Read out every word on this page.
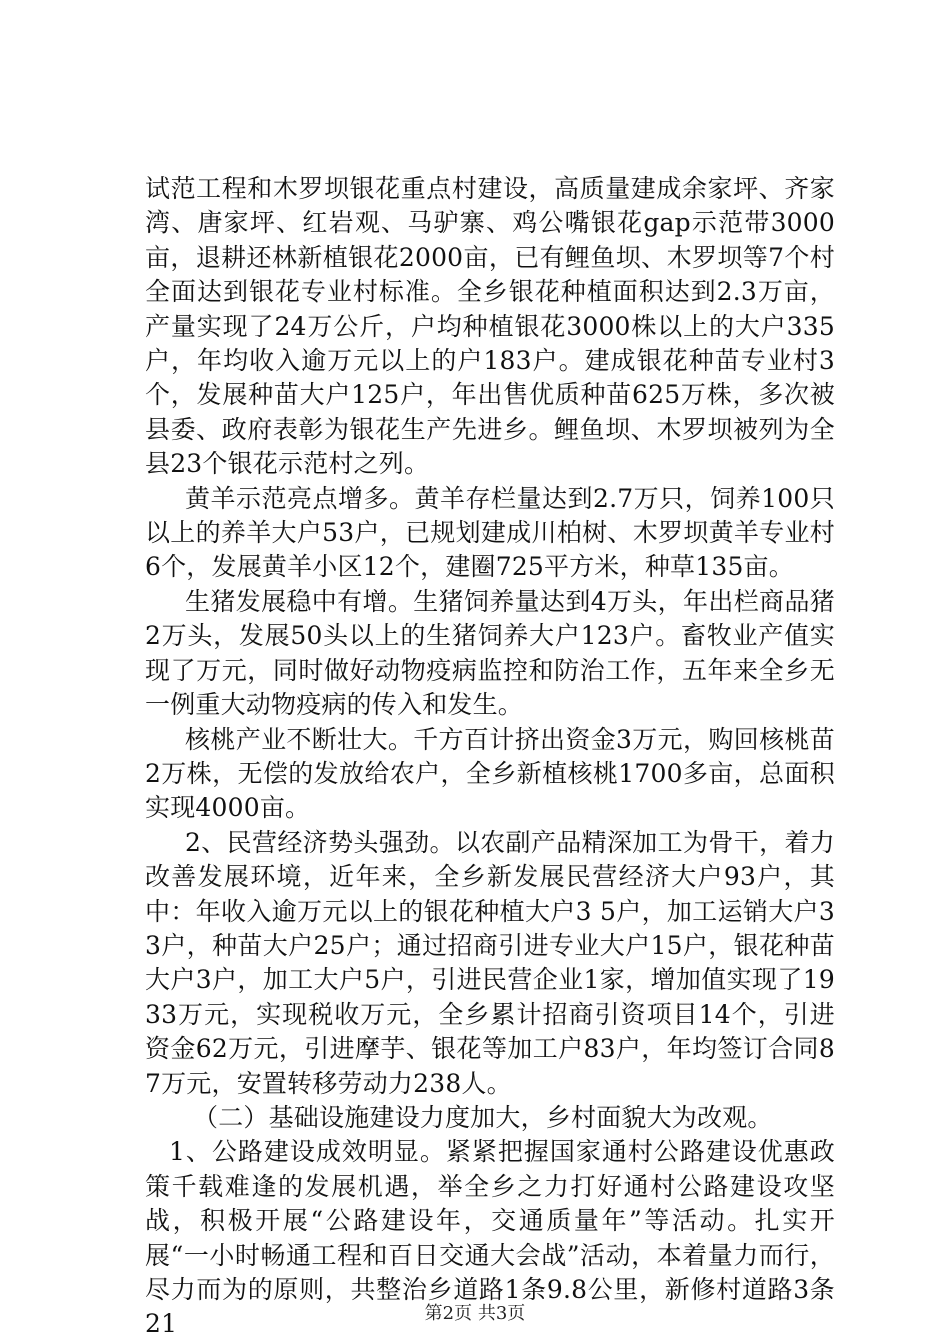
试范工程和木罗坝银花重点村建设，高质量建成余家坪、齐家湾、唐家坪、红岩观、马驴寨、鸡公嘴银花gap示范带3000亩，退耕还林新植银花2000亩，已有鲤鱼坝、木罗坝等7个村全面达到银花专业村标准。全乡银花种植面积达到2.3万亩，产量实现了24万公斤，户均种植银花3000株以上的大户335户，年均收入逾万元以上的户183户。建成银花种苗专业村3个，发展种苗大户125户，年出售优质种苗625万株，多次被县委、政府表彰为银花生产先进乡。鲤鱼坝、木罗坝被列为全县23个银花示范村之列。

黄羊示范亮点增多。黄羊存栏量达到2.7万只，饲养100只以上的养羊大户53户，已规划建成川柏树、木罗坝黄羊专业村6个，发展黄羊小区12个，建圈725平方米，种草135亩。

生猪发展稳中有增。生猪饲养量达到4万头，年出栏商品猪2万头，发展50头以上的生猪饲养大户123户。畜牧业产值实现了万元，同时做好动物疫病监控和防治工作，五年来全乡无一例重大动物疫病的传入和发生。

核桃产业不断壮大。千方百计挤出资金3万元，购回核桃苗2万株，无偿的发放给农户，全乡新植核桃1700多亩，总面积实现4000亩。

2、民营经济势头强劲。以农副产品精深加工为骨干，着力改善发展环境，近年来，全乡新发展民营经济大户93户，其中：年收入逾万元以上的银花种植大户3 5户，加工运销大户33户，种苗大户25户；通过招商引进专业大户15户，银花种苗大户3户，加工大户5户，引进民营企业1家，增加值实现了1933万元，实现税收万元，全乡累计招商引资项目14个，引进资金62万元，引进摩芋、银花等加工户83户，年均签订合同87万元，安置转移劳动力238人。

（二）基础设施建设力度加大，乡村面貌大为改观。

1、公路建设成效明显。紧紧把握国家通村公路建设优惠政策千载难逢的发展机遇，举全乡之力打好通村公路建设攻坚战，积极开展“公路建设年，交通质量年”等活动。扎实开展“一小时畅通工程和百日交通大会战”活动，本着量力而行，尽力而为的原则，共整治乡道路1条9.8公里，新修村道路3条21	第2页 共3页
